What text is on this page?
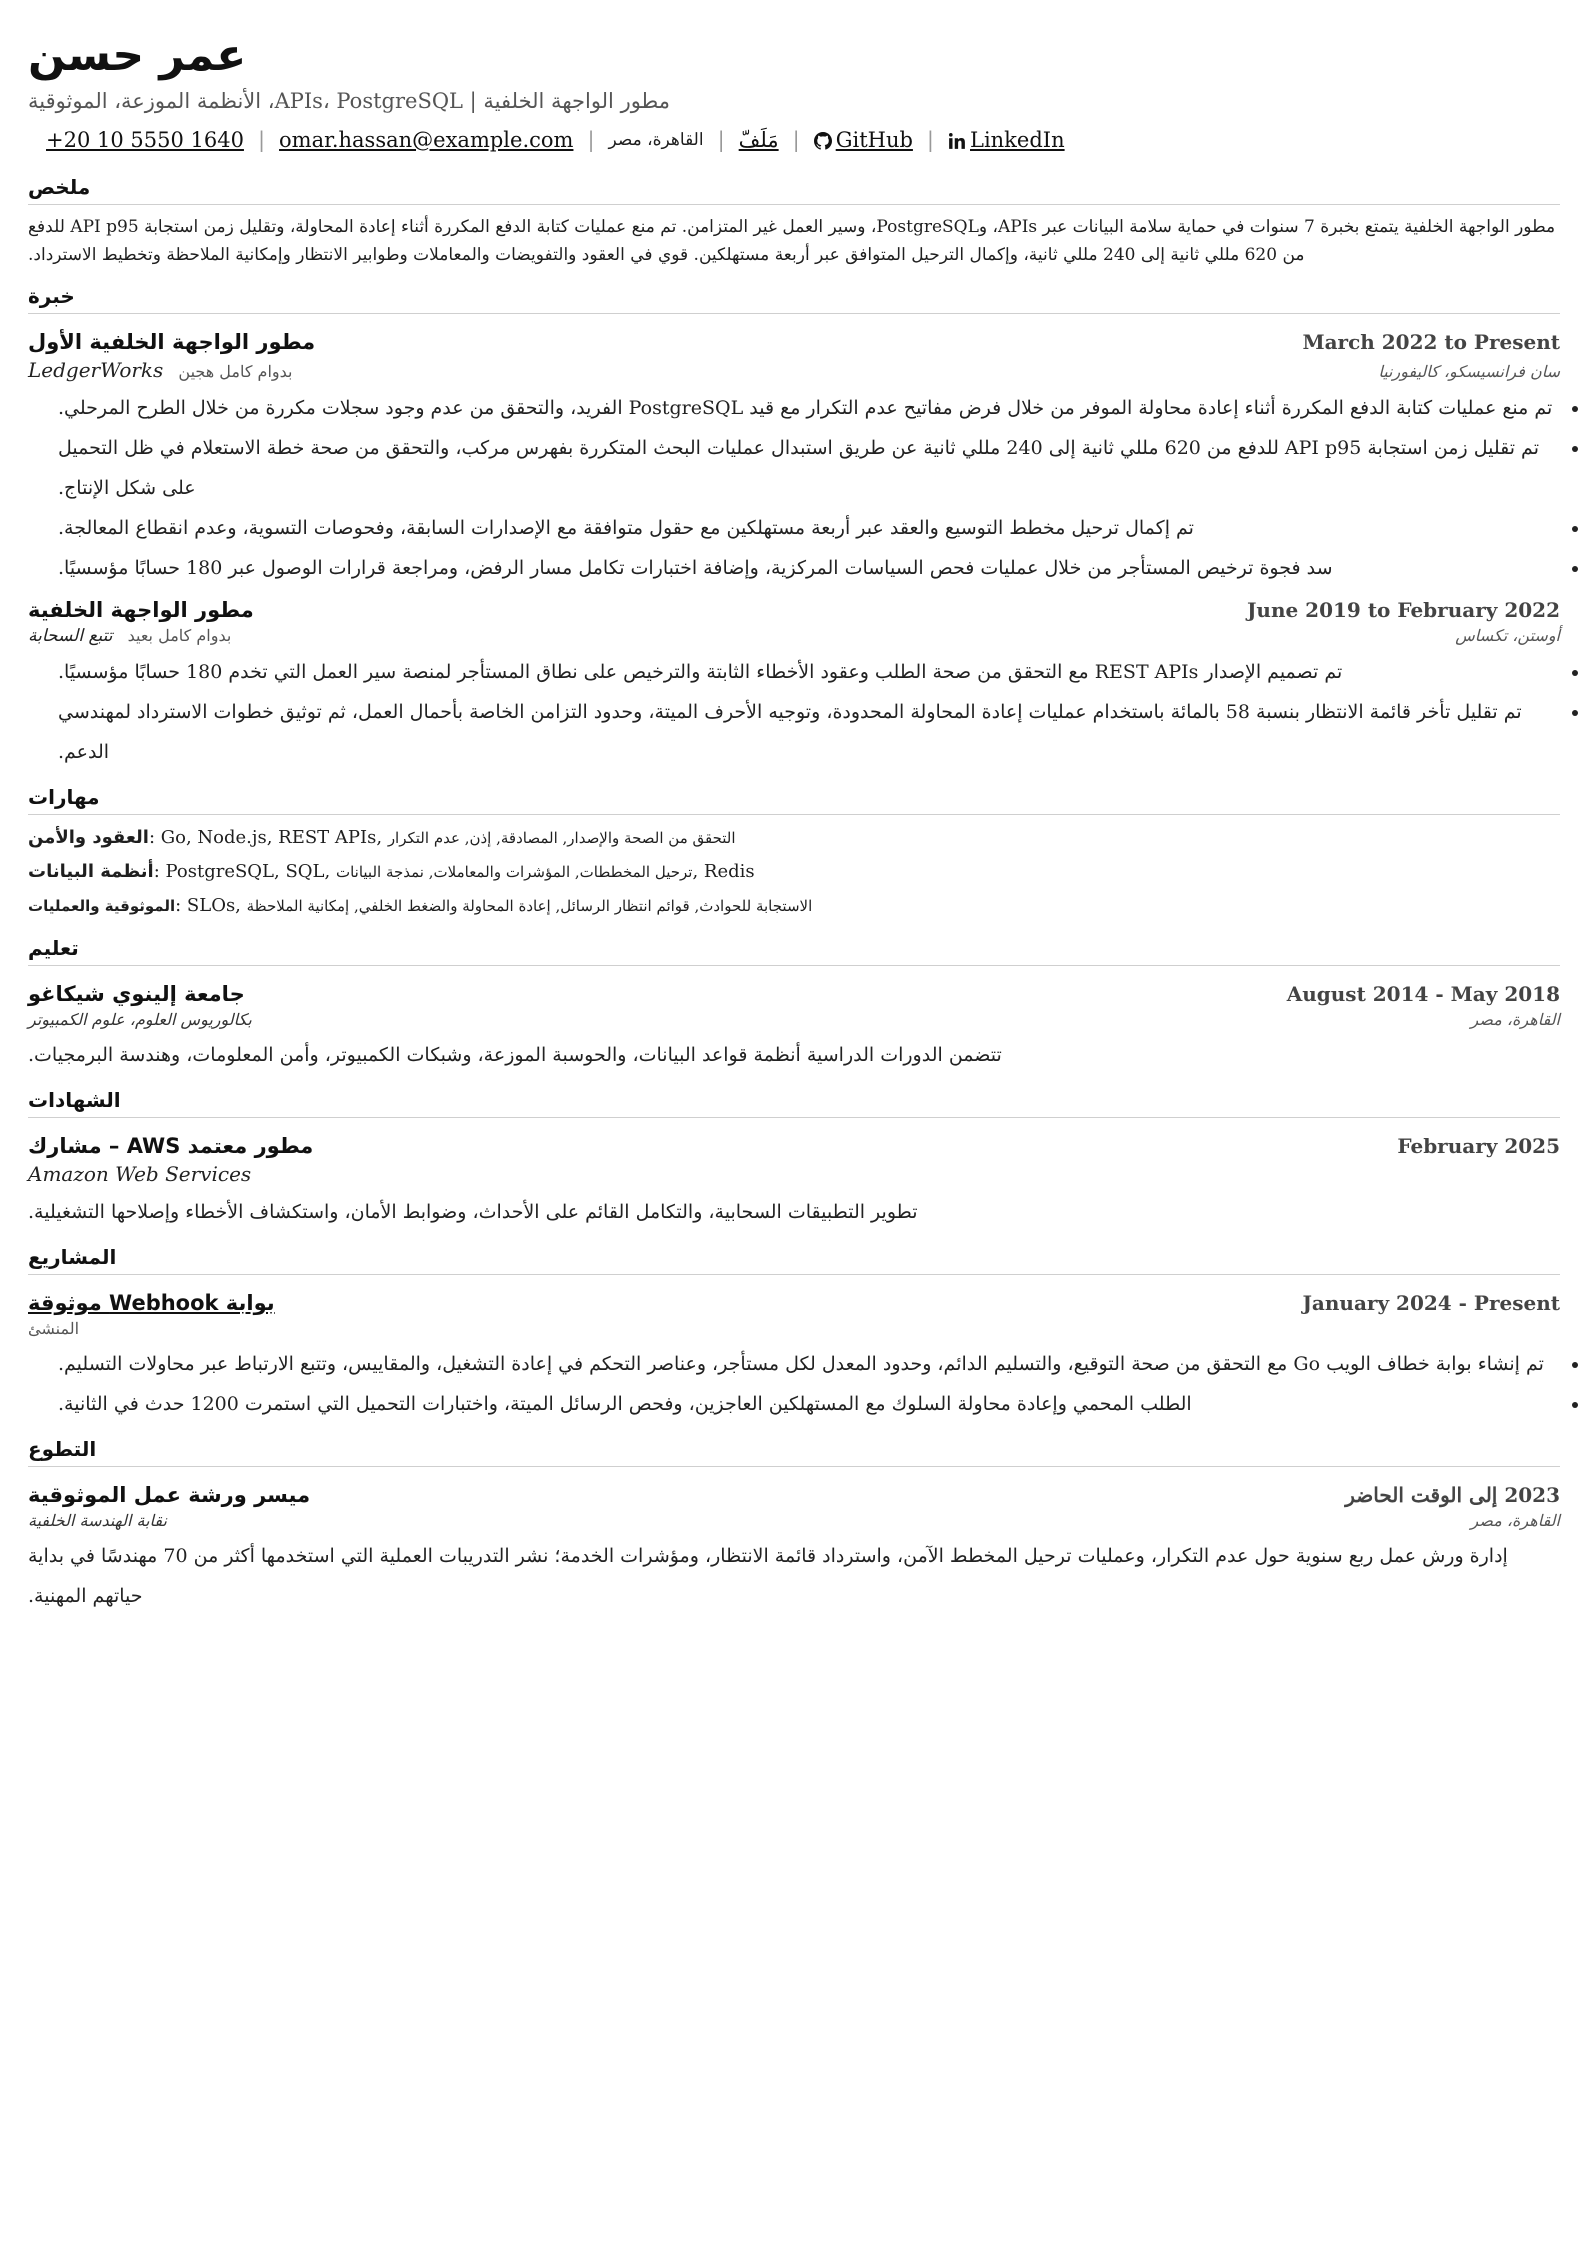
عمر حسن
مطور الواجهة الخلفية | APIs، PostgreSQL، الأنظمة الموزعة، الموثوقية
+20 10 5550 1640 | omar.hassan@example.com | القاهرة، مصر | مَلَفّ |	GitHub |	LinkedIn
ملخص
مطور الواجهة الخلفية يتمتع بخبرة 7 سنوات في حماية سلامة البيانات عبر APIs، وPostgreSQL، وسير العمل غير المتزامن. تم منع عمليات كتابة الدفع المكررة أثناء إعادة المحاولة، وتقليل زمن استجابة API p95 للدفع من 620 مللي ثانية إلى 240 مللي ثانية، وإكمال الترحيل المتوافق عبر أربعة مستهلكين. قوي في العقود والتفويضات والمعاملات وطوابير الانتظار وإمكانية الملاحظة وتخطيط الاسترداد.
خبرة
مطور الواجهة الخلفية الأول	March 2022 to Present
LedgerWorks بدوام كامل هجين	سان فرانسيسكو، كاليفورنيا
• تم منع عمليات كتابة الدفع المكررة أثناء إعادة محاولة الموفر من خلال فرض مفاتيح عدم التكرار مع قيد PostgreSQL الفريد، والتحقق من عدم وجود سجلات مكررة من خلال الطرح المرحلي.
• تم تقليل زمن استجابة API p95 للدفع من 620 مللي ثانية إلى 240 مللي ثانية عن طريق استبدال عمليات البحث المتكررة بفهرس مركب، والتحقق من صحة خطة الاستعلام في ظل التحميل على شكل الإنتاج.
• تم إكمال ترحيل مخطط التوسيع والعقد عبر أربعة مستهلكين مع حقول متوافقة مع الإصدارات السابقة، وفحوصات التسوية، وعدم انقطاع المعالجة.
• سد فجوة ترخيص المستأجر من خلال عمليات فحص السياسات المركزية، وإضافة اختبارات تكامل مسار الرفض، ومراجعة قرارات الوصول عبر 180 حسابًا مؤسسيًا.
مطور الواجهة الخلفية	June 2019 to February 2022
تتبع السحابة بدوام كامل بعيد	أوستن، تكساس
• تم تصميم الإصدار REST APIs مع التحقق من صحة الطلب وعقود الأخطاء الثابتة والترخيص على نطاق المستأجر لمنصة سير العمل التي تخدم 180 حسابًا مؤسسيًا.
• تم تقليل تأخر قائمة الانتظار بنسبة 58 بالمائة باستخدام عمليات إعادة المحاولة المحدودة، وتوجيه الأحرف الميتة، وحدود التزامن الخاصة بأحمال العمل، ثم توثيق خطوات الاسترداد لمهندسي الدعم.
مهارات
العقود والأمن: Go, Node.js, REST APIs, التحقق من الصحة والإصدار, المصادقة, إذن, عدم التكرار
أنظمة البيانات: PostgreSQL, SQL, ترحيل المخططات, المؤشرات والمعاملات, نمذجة البيانات, Redis
الموثوقية والعمليات: SLOs, الاستجابة للحوادث, قوائم انتظار الرسائل, إعادة المحاولة والضغط الخلفي, إمكانية الملاحظة
تعليم
جامعة إلينوي شيكاغو	August 2014 - May 2018
بكالوريوس العلوم، علوم الكمبيوتر	القاهرة، مصر
تتضمن الدورات الدراسية أنظمة قواعد البيانات، والحوسبة الموزعة، وشبكات الكمبيوتر، وأمن المعلومات، وهندسة البرمجيات.
الشهادات
مطور معتمد AWS – مشارك	February 2025
Amazon Web Services
تطوير التطبيقات السحابية، والتكامل القائم على الأحداث، وضوابط الأمان، واستكشاف الأخطاء وإصلاحها التشغيلية.
المشاريع
بوابة Webhook موثوقة	January 2024 - Present
المنشئ
• تم إنشاء بوابة خطاف الويب Go مع التحقق من صحة التوقيع، والتسليم الدائم، وحدود المعدل لكل مستأجر، وعناصر التحكم في إعادة التشغيل، والمقاييس، وتتبع الارتباط عبر محاولات التسليم.
• الطلب المحمي وإعادة محاولة السلوك مع المستهلكين العاجزين، وفحص الرسائل الميتة، واختبارات التحميل التي استمرت 1200 حدث في الثانية.
التطوع
ميسر ورشة عمل الموثوقية	2023 إلى الوقت الحاضر
نقابة الهندسة الخلفية	القاهرة، مصر
إدارة ورش عمل ربع سنوية حول عدم التكرار، وعمليات ترحيل المخطط الآمن، واسترداد قائمة الانتظار، ومؤشرات الخدمة؛ نشر التدريبات العملية التي استخدمها أكثر من 70 مهندسًا في بداية حياتهم المهنية.
